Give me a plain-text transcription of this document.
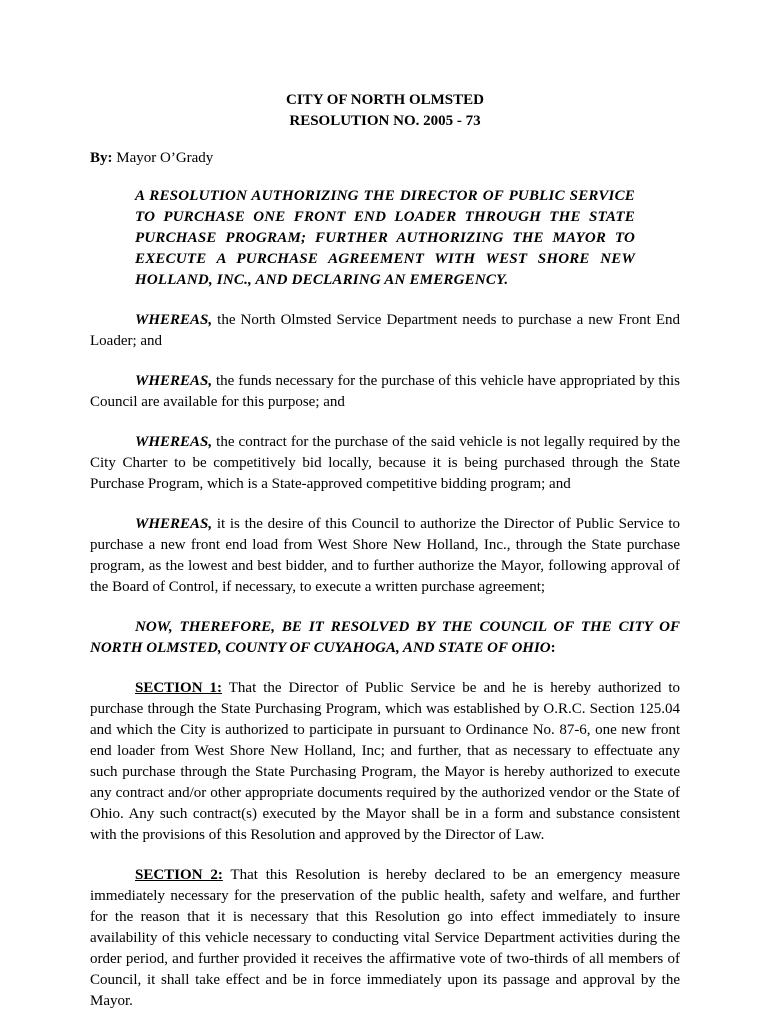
CITY OF NORTH OLMSTED
RESOLUTION NO. 2005 - 73
By: Mayor O’Grady

A RESOLUTION AUTHORIZING THE DIRECTOR OF PUBLIC SERVICE TO PURCHASE ONE FRONT END LOADER THROUGH THE STATE PURCHASE PROGRAM; FURTHER AUTHORIZING THE MAYOR TO EXECUTE A PURCHASE AGREEMENT WITH WEST SHORE NEW HOLLAND, INC., AND DECLARING AN EMERGENCY.

WHEREAS, the North Olmsted Service Department needs to purchase a new Front End Loader; and

WHEREAS, the funds necessary for the purchase of this vehicle have appropriated by this Council are available for this purpose; and

WHEREAS, the contract for the purchase of the said vehicle is not legally required by the City Charter to be competitively bid locally, because it is being purchased through the State Purchase Program, which is a State-approved competitive bidding program; and

WHEREAS, it is the desire of this Council to authorize the Director of Public Service to purchase a new front end load from West Shore New Holland, Inc., through the State purchase program, as the lowest and best bidder, and to further authorize the Mayor, following approval of the Board of Control, if necessary, to execute a written purchase agreement;

NOW, THEREFORE, BE IT RESOLVED BY THE COUNCIL OF THE CITY OF NORTH OLMSTED, COUNTY OF CUYAHOGA, AND STATE OF OHIO:

SECTION 1: That the Director of Public Service be and he is hereby authorized to purchase through the State Purchasing Program, which was established by O.R.C. Section 125.04 and which the City is authorized to participate in pursuant to Ordinance No. 87-6, one new front end loader from West Shore New Holland, Inc; and further, that as necessary to effectuate any such purchase through the State Purchasing Program, the Mayor is hereby authorized to execute any contract and/or other appropriate documents required by the authorized vendor or the State of Ohio. Any such contract(s) executed by the Mayor shall be in a form and substance consistent with the provisions of this Resolution and approved by the Director of Law.

SECTION 2: That this Resolution is hereby declared to be an emergency measure immediately necessary for the preservation of the public health, safety and welfare, and further for the reason that it is necessary that this Resolution go into effect immediately to insure availability of this vehicle necessary to conducting vital Service Department activities during the order period, and further provided it receives the affirmative vote of two-thirds of all members of Council, it shall take effect and be in force immediately upon its passage and approval by the Mayor.
